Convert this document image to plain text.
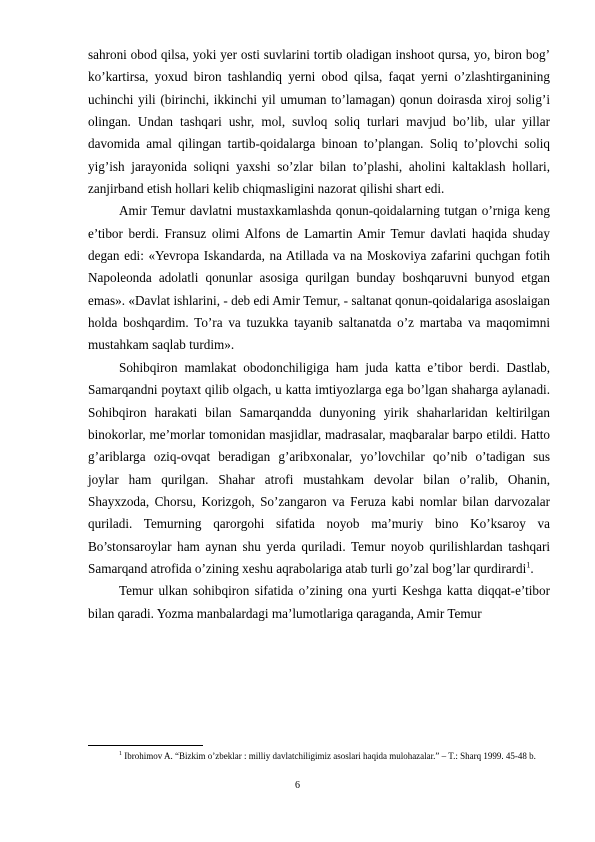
sahroni obod qilsa, yoki yer osti suvlarini tortib oladigan inshoot qursa, yo, biron bog’ ko’kartirsa, yoxud biron tashlandiq yerni obod qilsa, faqat yerni o’zlashtirganining uchinchi yili (birinchi, ikkinchi yil umuman to’lamagan) qonun doirasda xiroj solig’i olingan. Undan tashqari ushr, mol, suvloq soliq turlari mavjud bo’lib, ular yillar davomida amal qilingan tartib-qoidalarga binoan to’plangan. Soliq to’plovchi soliq yig’ish jarayonida soliqni yaxshi so’zlar bilan to’plashi, aholini kaltaklash hollari, zanjirband etish hollari kelib chiqmasligini nazorat qilishi shart edi.

Amir Temur davlatni mustaxkamlashda qonun-qoidalarning tutgan o’rniga keng e’tibor berdi. Fransuz olimi Alfons de Lamartin Amir Temur davlati haqida shuday degan edi: «Yevropa Iskandarda, na Atillada va na Moskoviya zafarini quchgan fotih Napoleonda adolatli qonunlar asosiga qurilgan bunday boshqaruvni bunyod etgan emas». «Davlat ishlarini, - deb edi Amir Temur, - saltanat qonun-qoidalariga asoslaigan holda boshqardim. To’ra va tuzukka tayanib saltanatda o’z martaba va maqomimni mustahkam saqlab turdim».

Sohibqiron mamlakat obodonchiligiga ham juda katta e’tibor berdi. Dastlab, Samarqandni poytaxt qilib olgach, u katta imtiyozlarga ega bo’lgan shaharga aylanadi. Sohibqiron harakati bilan Samarqandda dunyoning yirik shaharlaridan keltirilgan binokorlar, me’morlar tomonidan masjidlar, madrasalar, maqbaralar barpo etildi. Hatto g’ariblarga oziq-ovqat beradigan g’aribxonalar, yo’lovchilar qo’nib o’tadigan sus joylar ham qurilgan. Shahar atrofi mustahkam devolar bilan o’ralib, Ohanin, Shayxzoda, Chorsu, Korizgoh, So’zangaron va Feruza kabi nomlar bilan darvozalar quriladi. Temurning qarorgohi sifatida noyob ma’muriy bino Ko’ksaroy va Bo’stonsaroylar ham aynan shu yerda quriladi. Temur noyob qurilishlardan tashqari Samarqand atrofida o’zining xeshu aqrabolariga atab turli go’zal bog’lar qurdirardi$^1$.

Temur ulkan sohibqiron sifatida o’zining ona yurti Keshga katta diqqat-e’tibor bilan qaradi. Yozma manbalardagi ma’lumotlariga qaraganda, Amir Temur

$^1$ Ibrohimov A. “Bizkim o’zbeklar : milliy davlatchiligimiz asoslari haqida mulohazalar.” – T.: Sharq 1999. 45-48 b.

6
